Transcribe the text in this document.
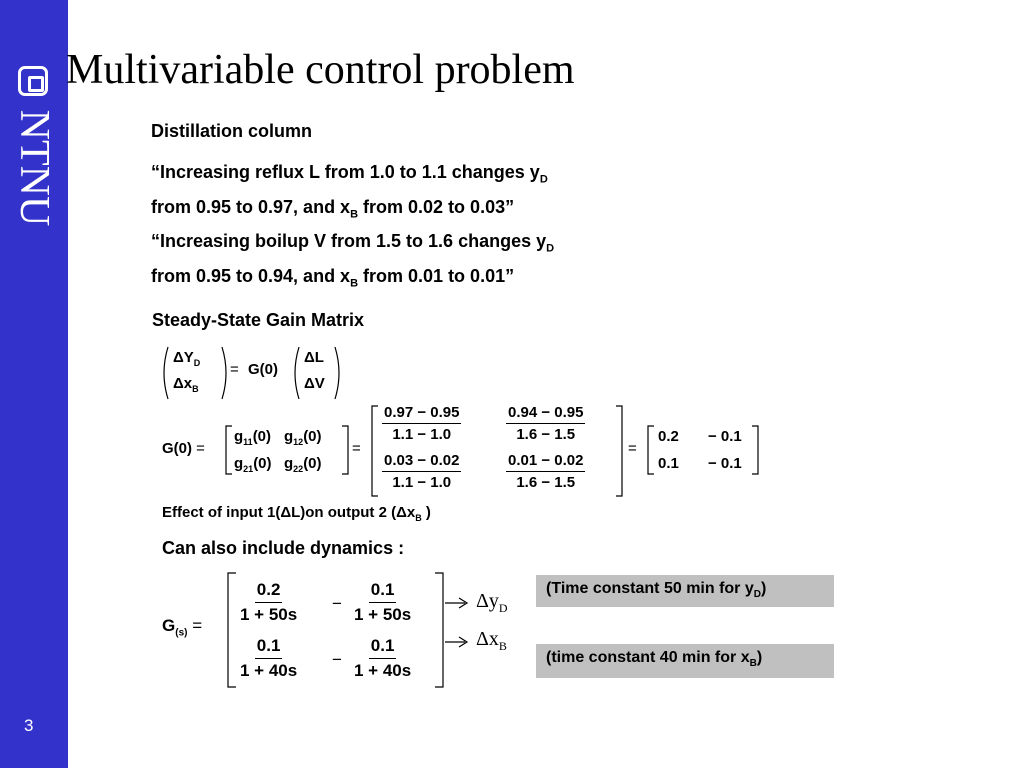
NTNU
3
Multivariable control problem
Distillation column
“Increasing reflux L from 1.0 to 1.1 changes $y_D$
from 0.95 to 0.97, and $x_B$ from 0.02 to 0.03”
“Increasing boilup V from 1.5 to 1.6 changes $y_D$
from 0.95 to 0.94, and $x_B$ from 0.01 to 0.01”
Steady-State Gain Matrix
$\Delta Y_D$
$\Delta x_B$
= G(0)
ΔL
ΔV
G(0) =
$g_{11}(0)$ $g_{12}(0)$
$g_{21}(0)$ $g_{22}(0)$
=
$\frac{0.97 - 0.95}{1.1 - 1.0}$	$\frac{0.94 - 0.95}{1.6 - 1.5}$
$\frac{0.03 - 0.02}{1.1 - 1.0}$	$\frac{0.01 - 0.02}{1.6 - 1.5}$
=
0.2 − 0.1
0.1 − 0.1
Effect of input 1(ΔL)on output 2 ($\Delta x_B$ )
Can also include dynamics :
$G_{(s)}$ =
$\frac{0.2}{1 + 50s} - \frac{0.1}{1 + 50s}$
$\frac{0.1}{1 + 40s} - \frac{0.1}{1 + 40s}$
$\Delta y_D$
$\Delta x_B$
(Time constant 50 min for $y_D$)
(time constant 40 min for $x_B$)
